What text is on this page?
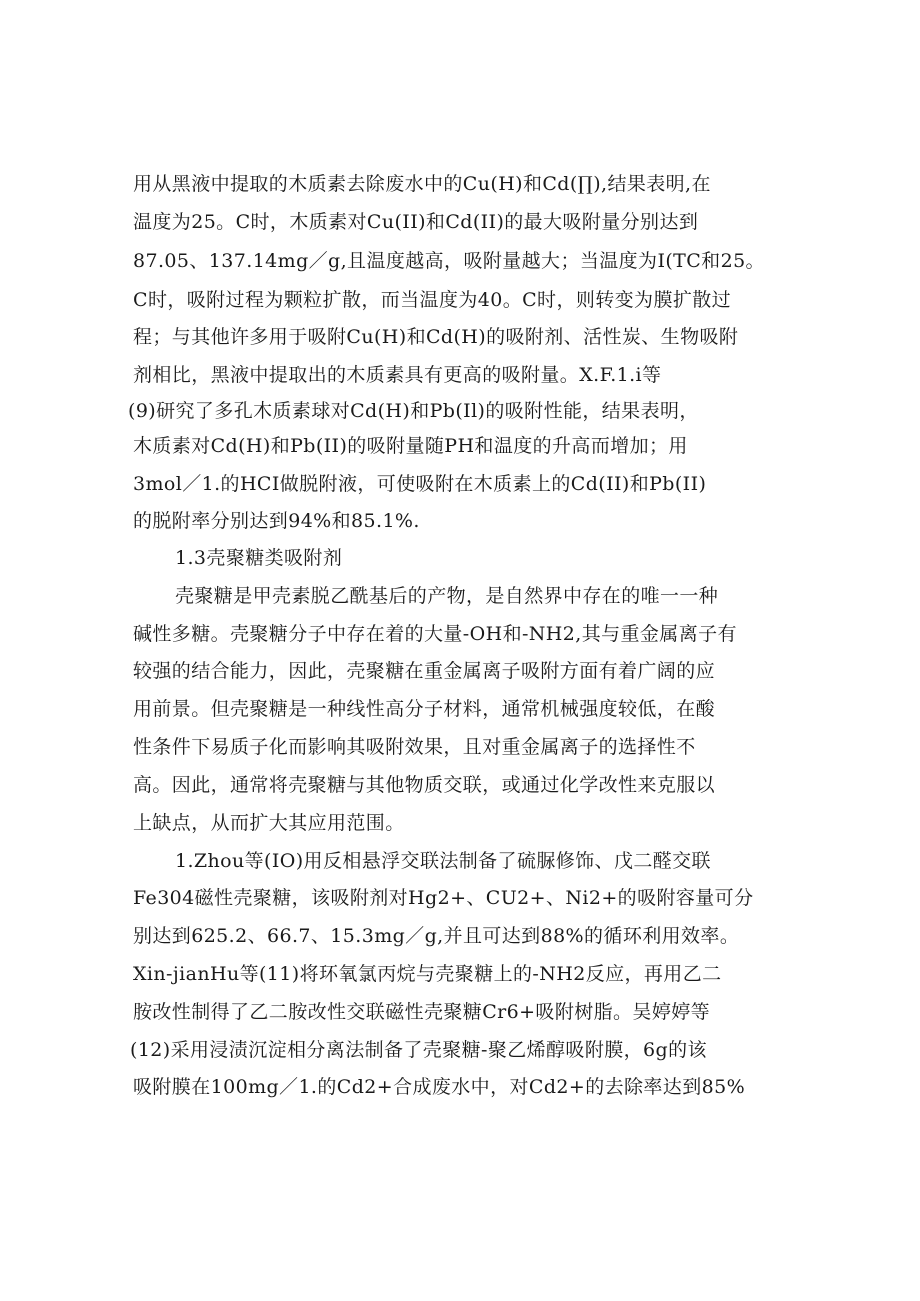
用从黑液中提取的木质素去除废水中的Cu(H)和Cd(∏),结果表明,在
温度为25。C时，木质素对Cu(II)和Cd(II)的最大吸附量分别达到
87.05、137.14mg／g,且温度越高，吸附量越大；当温度为I(TC和25。
C时，吸附过程为颗粒扩散，而当温度为40。C时，则转变为膜扩散过
程；与其他许多用于吸附Cu(H)和Cd(H)的吸附剂、活性炭、生物吸附
剂相比，黑液中提取出的木质素具有更高的吸附量。X.F.1.i等
(9)研究了多孔木质素球对Cd(H)和Pb(Il)的吸附性能，结果表明，
木质素对Cd(H)和Pb(II)的吸附量随PH和温度的升高而增加；用
3mol／1.的HCI做脱附液，可使吸附在木质素上的Cd(II)和Pb(II)
的脱附率分别达到94%和85.1%.
1.3壳聚糖类吸附剂
壳聚糖是甲壳素脱乙酰基后的产物，是自然界中存在的唯一一种
碱性多糖。壳聚糖分子中存在着的大量-OH和-NH2,其与重金属离子有
较强的结合能力，因此，壳聚糖在重金属离子吸附方面有着广阔的应
用前景。但壳聚糖是一种线性高分子材料，通常机械强度较低，在酸
性条件下易质子化而影响其吸附效果，且对重金属离子的选择性不
高。因此，通常将壳聚糖与其他物质交联，或通过化学改性来克服以
上缺点，从而扩大其应用范围。
1.Zhou等(IO)用反相悬浮交联法制备了硫脲修饰、戊二醛交联
Fe304磁性壳聚糖，该吸附剂对Hg2+、CU2+、Ni2+的吸附容量可分
别达到625.2、66.7、15.3mg／g,并且可达到88%的循环利用效率。
Xin-jianHu等(11)将环氧氯丙烷与壳聚糖上的-NH2反应，再用乙二
胺改性制得了乙二胺改性交联磁性壳聚糖Cr6+吸附树脂。吴婷婷等
(12)采用浸渍沉淀相分离法制备了壳聚糖-聚乙烯醇吸附膜，6g的该
吸附膜在100mg／1.的Cd2+合成废水中，对Cd2+的去除率达到85%
